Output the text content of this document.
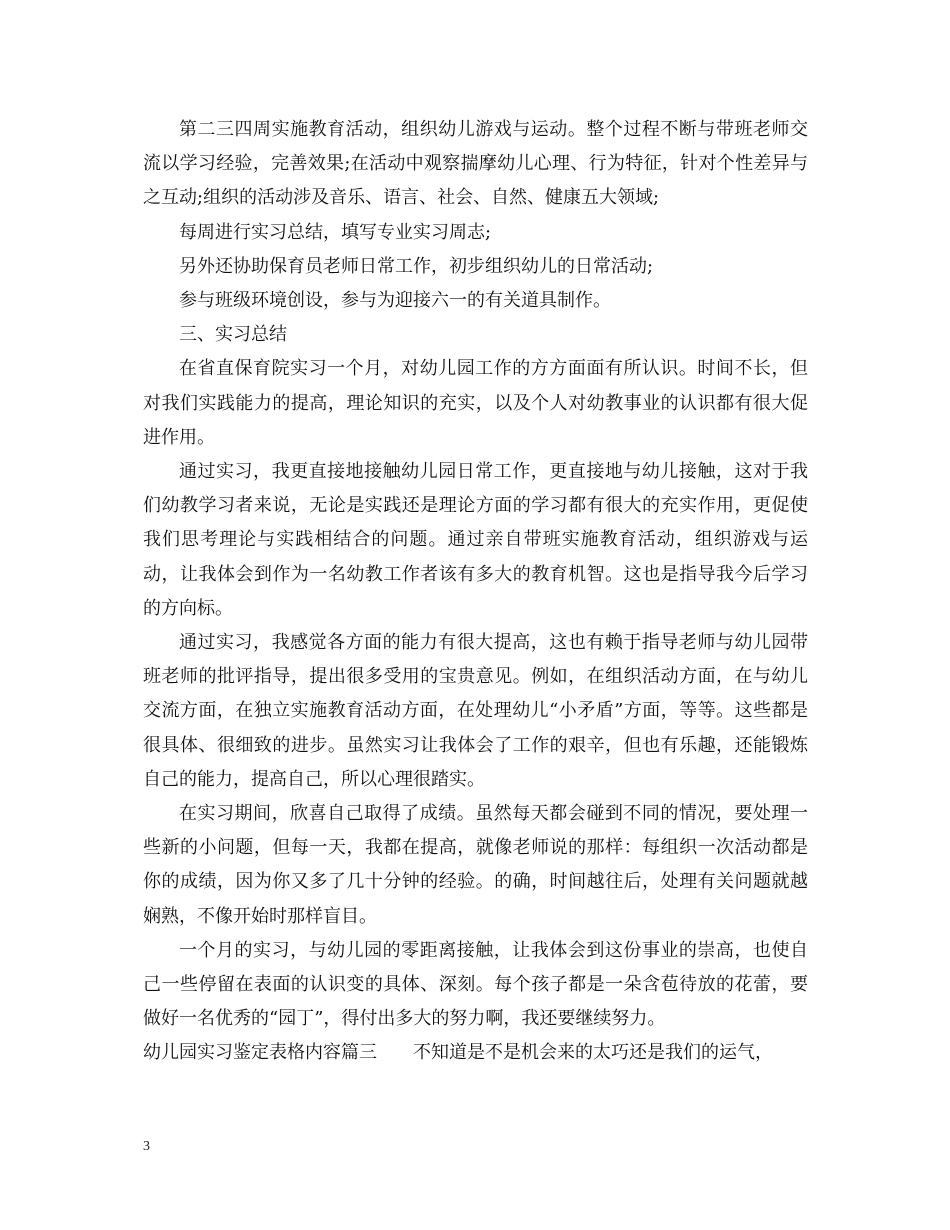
第二三四周实施教育活动，组织幼儿游戏与运动。整个过程不断与带班老师交流以学习经验，完善效果;在活动中观察揣摩幼儿心理、行为特征，针对个性差异与之互动;组织的活动涉及音乐、语言、社会、自然、健康五大领域;

每周进行实习总结，填写专业实习周志;

另外还协助保育员老师日常工作，初步组织幼儿的日常活动;

参与班级环境创设，参与为迎接六一的有关道具制作。

三、实习总结

在省直保育院实习一个月，对幼儿园工作的方方面面有所认识。时间不长，但对我们实践能力的提高，理论知识的充实，以及个人对幼教事业的认识都有很大促进作用。

通过实习，我更直接地接触幼儿园日常工作，更直接地与幼儿接触，这对于我们幼教学习者来说，无论是实践还是理论方面的学习都有很大的充实作用，更促使我们思考理论与实践相结合的问题。通过亲自带班实施教育活动，组织游戏与运动，让我体会到作为一名幼教工作者该有多大的教育机智。这也是指导我今后学习的方向标。

通过实习，我感觉各方面的能力有很大提高，这也有赖于指导老师与幼儿园带班老师的批评指导，提出很多受用的宝贵意见。例如，在组织活动方面，在与幼儿交流方面，在独立实施教育活动方面，在处理幼儿“小矛盾”方面，等等。这些都是很具体、很细致的进步。虽然实习让我体会了工作的艰辛，但也有乐趣，还能锻炼自己的能力，提高自己，所以心理很踏实。

在实习期间，欣喜自己取得了成绩。虽然每天都会碰到不同的情况，要处理一些新的小问题，但每一天，我都在提高，就像老师说的那样：每组织一次活动都是你的成绩，因为你又多了几十分钟的经验。的确，时间越往后，处理有关问题就越娴熟，不像开始时那样盲目。

一个月的实习，与幼儿园的零距离接触，让我体会到这份事业的崇高，也使自己一些停留在表面的认识变的具体、深刻。每个孩子都是一朵含苞待放的花蕾，要做好一名优秀的“园丁”，得付出多大的努力啊，我还要继续努力。

幼儿园实习鉴定表格内容篇三　　不知道是不是机会来的太巧还是我们的运气，

3
